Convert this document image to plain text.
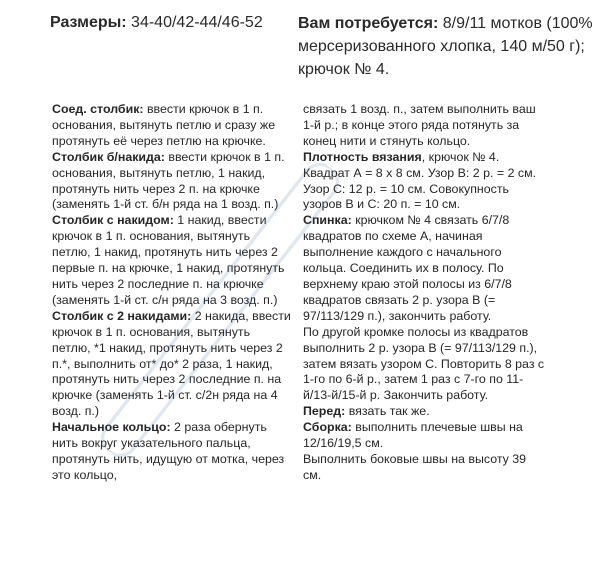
Размеры: 34-40/42-44/46-52	Вам потребуется: 8/9/11 мотков (100% мерсеризованного хлопка, 140 м/50 г); крючок № 4.

Соед. столбик: ввести крючок в 1 п. основания, вытянуть петлю и сразу же протянуть её через петлю на крючке.

Столбик б/накида: ввести крючок в 1 п. основания, вытянуть петлю, 1 накид, протянуть нить через 2 п. на крючке (заменять 1-й ст. б/н ряда на 1 возд. п.)

Столбик с накидом: 1 накид, ввести крючок в 1 п. основания, вытянуть петлю, 1 накид, протянуть нить через 2 первые п. на крючке, 1 накид, протянуть нить через 2 последние п. на крючке (заменять 1-й ст. с/н ряда на 3 возд. п.)

Столбик с 2 накидами: 2 накида, ввести крючок в 1 п. основания, вытянуть петлю, *1 накид, протянуть нить через 2 п.*, выполнить от* до* 2 раза, 1 накид, протянуть нить через 2 последние п. на крючке (заменять 1-й ст. с/2н ряда на 4 возд. п.)

Начальное кольцо: 2 раза обернуть нить вокруг указательного пальца, протянуть нить, идущую от мотка, через это кольцо,

связать 1 возд. п., затем выполнить ваш 1-й р.; в конце этого ряда потянуть за конец нити и стянуть кольцо.

Плотность вязания, крючок № 4. Квадрат А = 8 х 8 см. Узор В: 2 р. = 2 см. Узор С: 12 р. = 10 см. Совокупность узоров В и С: 20 п. = 10 см.

Спинка: крючком № 4 связать 6/7/8 квадратов по схеме А, начиная выполнение каждого с начального кольца. Соединить их в полосу. По верхнему краю этой полосы из 6/7/8 квадратов связать 2 р. узора В (= 97/113/129 п.), закончить работу.

По другой кромке полосы из квадратов выполнить 2 р. узора В (= 97/113/129 п.), затем вязать узором С. Повторить 8 раз с 1-го по 6-й р., затем 1 раз с 7-го по 11-й/13-й/15-й р. Закончить работу.

Перед: вязать так же.

Сборка: выполнить плечевые швы на 12/16/19,5 см.

Выполнить боковые швы на высоту 39 см.
